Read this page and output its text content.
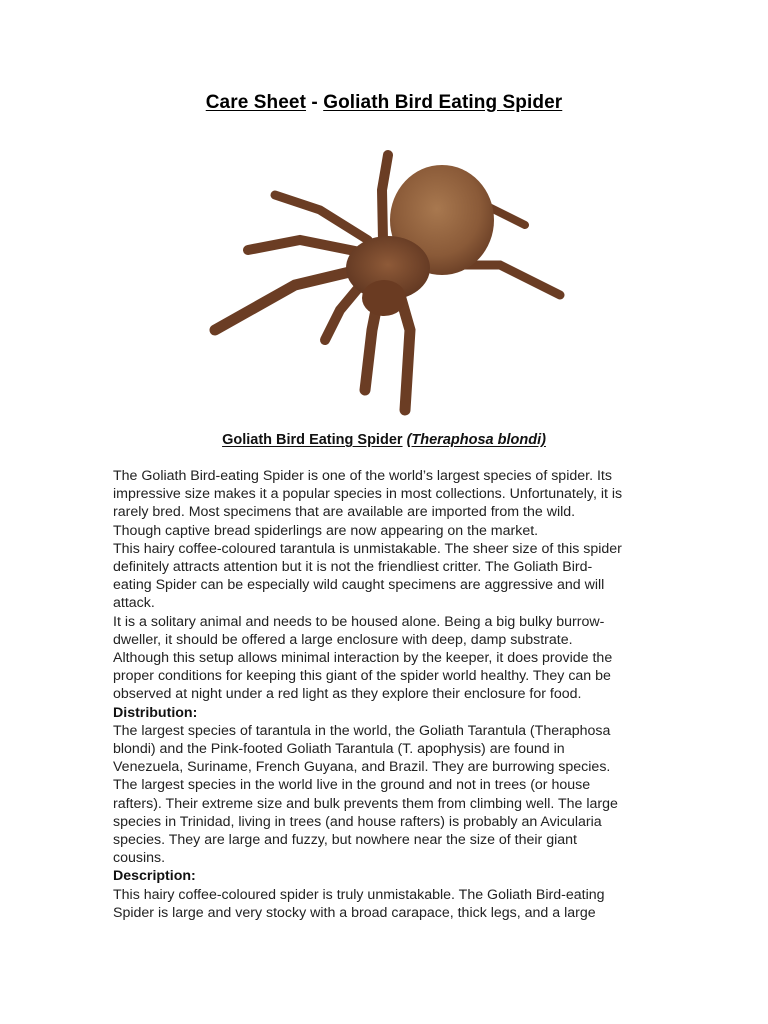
Care Sheet - Goliath Bird Eating Spider
Goliath Bird Eating Spider (Theraphosa blondi)

The Goliath Bird-eating Spider is one of the world’s largest species of spider. Its
impressive size makes it a popular species in most collections. Unfortunately, it is
rarely bred. Most specimens that are available are imported from the wild.
Though captive bread spiderlings are now appearing on the market.

This hairy coffee-coloured tarantula is unmistakable. The sheer size of this spider
definitely attracts attention but it is not the friendliest critter. The Goliath Bird-
eating Spider can be especially wild caught specimens are aggressive and will
attack.

It is a solitary animal and needs to be housed alone. Being a big bulky burrow-
dweller, it should be offered a large enclosure with deep, damp substrate.
Although this setup allows minimal interaction by the keeper, it does provide the
proper conditions for keeping this giant of the spider world healthy. They can be
observed at night under a red light as they explore their enclosure for food.

Distribution:

The largest species of tarantula in the world, the Goliath Tarantula (Theraphosa
blondi) and the Pink-footed Goliath Tarantula (T. apophysis) are found in
Venezuela, Suriname, French Guyana, and Brazil. They are burrowing species.
The largest species in the world live in the ground and not in trees (or house
rafters). Their extreme size and bulk prevents them from climbing well. The large
species in Trinidad, living in trees (and house rafters) is probably an Avicularia
species. They are large and fuzzy, but nowhere near the size of their giant
cousins.

Description:

This hairy coffee-coloured spider is truly unmistakable. The Goliath Bird-eating
Spider is large and very stocky with a broad carapace, thick legs, and a large
